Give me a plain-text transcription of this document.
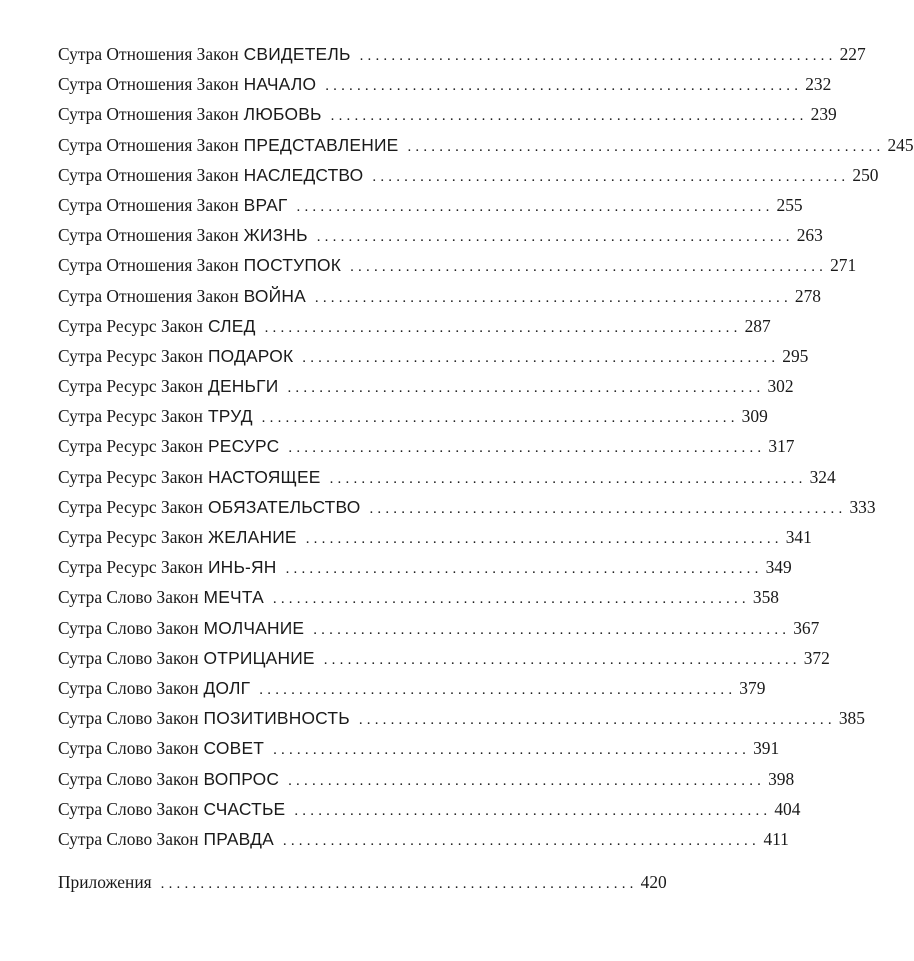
Сутра Отношения Закон СВИДЕТЕЛЬ ............................................................ 227
Сутра Отношения Закон НАЧАЛО ............................................................ 232
Сутра Отношения Закон ЛЮБОВЬ ............................................................ 239
Сутра Отношения Закон ПРЕДСТАВЛЕНИЕ ............................................................ 245
Сутра Отношения Закон НАСЛЕДСТВО ............................................................ 250
Сутра Отношения Закон ВРАГ ............................................................ 255
Сутра Отношения Закон ЖИЗНЬ ............................................................ 263
Сутра Отношения Закон ПОСТУПОК ............................................................ 271
Сутра Отношения Закон ВОЙНА ............................................................ 278
Сутра Ресурс Закон СЛЕД ............................................................ 287
Сутра Ресурс Закон ПОДАРОК ............................................................ 295
Сутра Ресурс Закон ДЕНЬГИ ............................................................ 302
Сутра Ресурс Закон ТРУД ............................................................ 309
Сутра Ресурс Закон РЕСУРС ............................................................ 317
Сутра Ресурс Закон НАСТОЯЩЕЕ ............................................................ 324
Сутра Ресурс Закон ОБЯЗАТЕЛЬСТВО ............................................................ 333
Сутра Ресурс Закон ЖЕЛАНИЕ ............................................................ 341
Сутра Ресурс Закон ИНЬ-ЯН ............................................................ 349
Сутра Слово Закон МЕЧТА ............................................................ 358
Сутра Слово Закон МОЛЧАНИЕ ............................................................ 367
Сутра Слово Закон ОТРИЦАНИЕ ............................................................ 372
Сутра Слово Закон ДОЛГ ............................................................ 379
Сутра Слово Закон ПОЗИТИВНОСТЬ ............................................................ 385
Сутра Слово Закон СОВЕТ ............................................................ 391
Сутра Слово Закон ВОПРОС ............................................................ 398
Сутра Слово Закон СЧАСТЬЕ ............................................................ 404
Сутра Слово Закон ПРАВДА ............................................................ 411
Приложения ............................................................ 420
